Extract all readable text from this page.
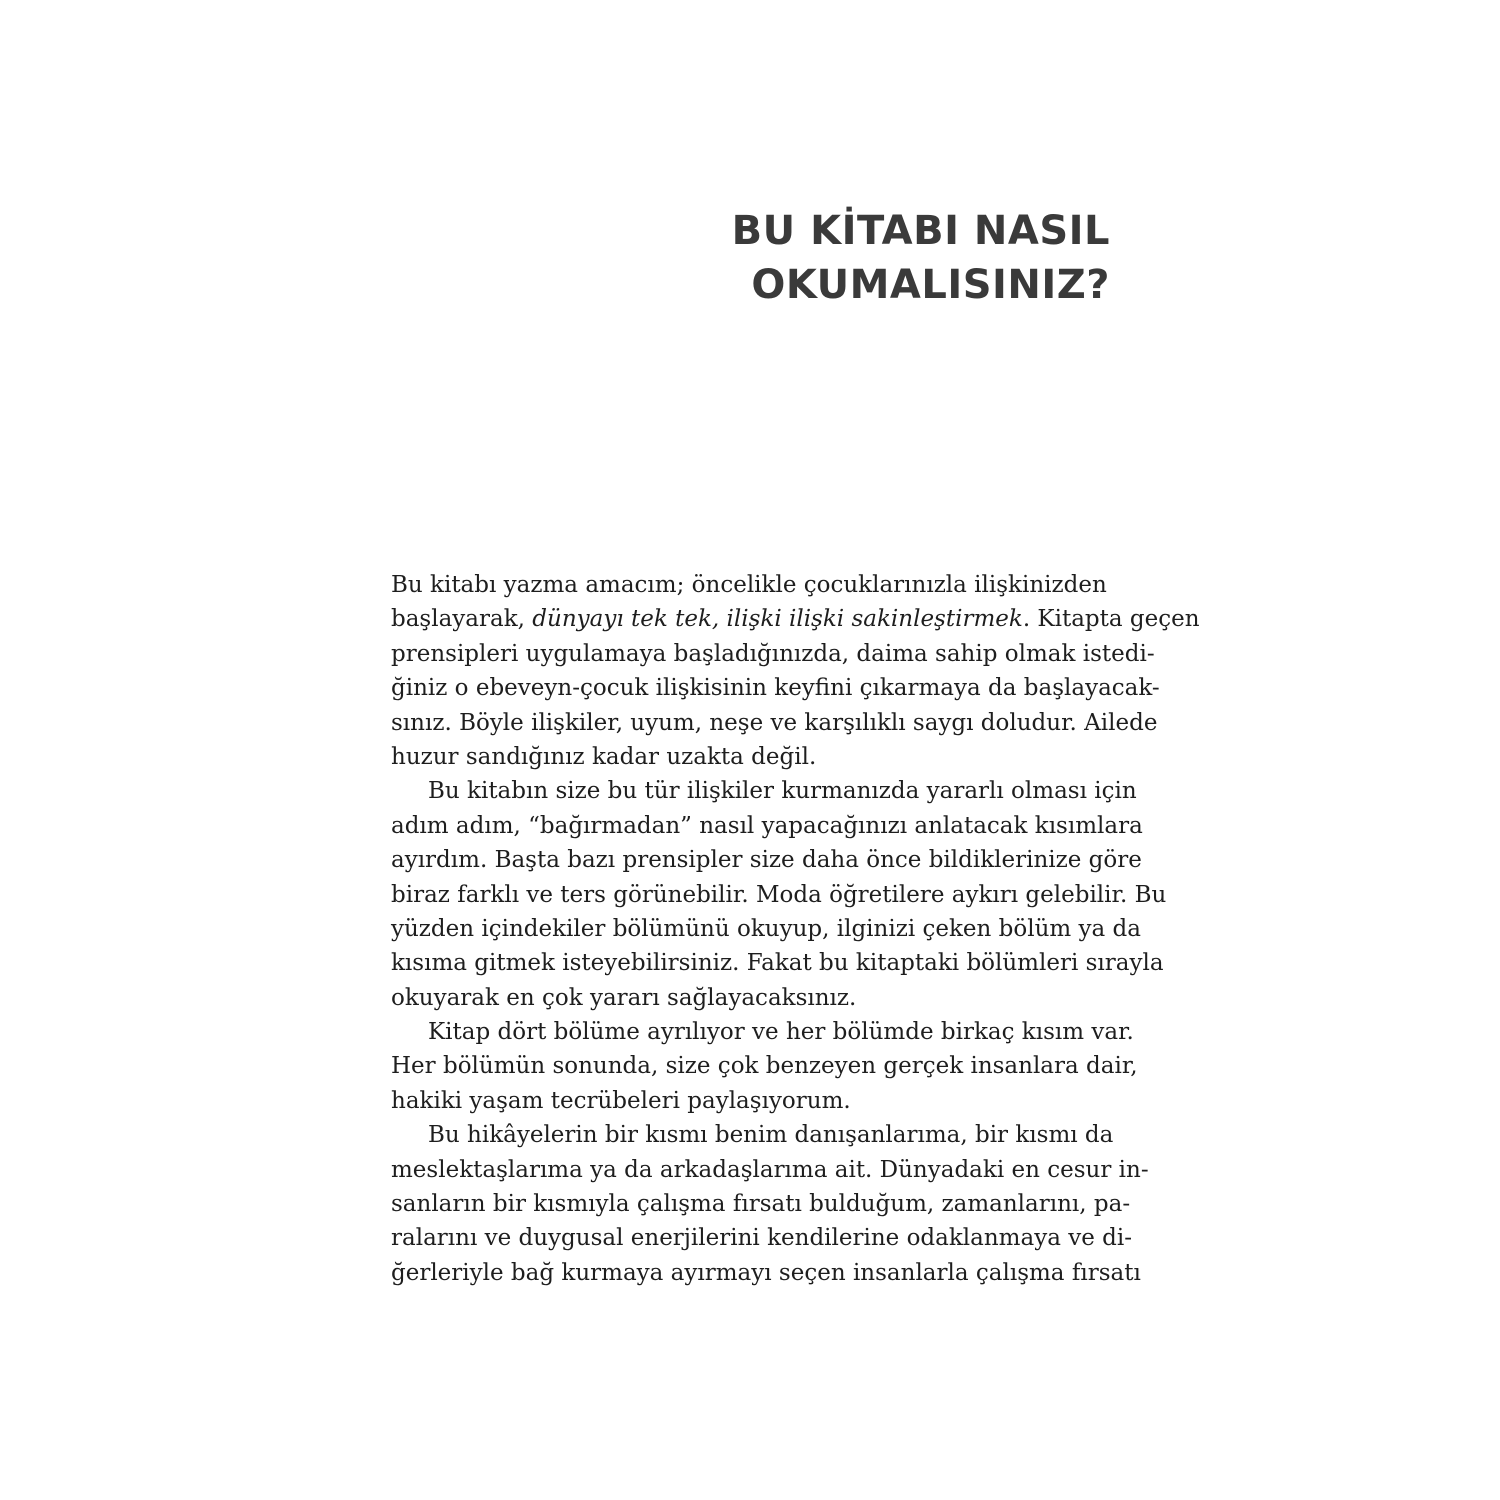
BU KİTABI NASIL
OKUMALISINIZ?
Bu kitabı yazma amacım; öncelikle çocuklarınızla ilişkinizden
başlayarak, dünyayı tek tek, ilişki ilişki sakinleştirmek. Kitapta geçen
prensipleri uygulamaya başladığınızda, daima sahip olmak istedi-
ğiniz o ebeveyn-çocuk ilişkisinin keyfini çıkarmaya da başlayacak-
sınız. Böyle ilişkiler, uyum, neşe ve karşılıklı saygı doludur. Ailede
huzur sandığınız kadar uzakta değil.
Bu kitabın size bu tür ilişkiler kurmanızda yararlı olması için
adım adım, “bağırmadan” nasıl yapacağınızı anlatacak kısımlara
ayırdım. Başta bazı prensipler size daha önce bildiklerinize göre
biraz farklı ve ters görünebilir. Moda öğretilere aykırı gelebilir. Bu
yüzden içindekiler bölümünü okuyup, ilginizi çeken bölüm ya da
kısıma gitmek isteyebilirsiniz. Fakat bu kitaptaki bölümleri sırayla
okuyarak en çok yararı sağlayacaksınız.
Kitap dört bölüme ayrılıyor ve her bölümde birkaç kısım var.
Her bölümün sonunda, size çok benzeyen gerçek insanlara dair,
hakiki yaşam tecrübeleri paylaşıyorum.
Bu hikâyelerin bir kısmı benim danışanlarıma, bir kısmı da
meslektaşlarıma ya da arkadaşlarıma ait. Dünyadaki en cesur in-
sanların bir kısmıyla çalışma fırsatı bulduğum, zamanlarını, pa-
ralarını ve duygusal enerjilerini kendilerine odaklanmaya ve di-
ğerleriyle bağ kurmaya ayırmayı seçen insanlarla çalışma fırsatı
